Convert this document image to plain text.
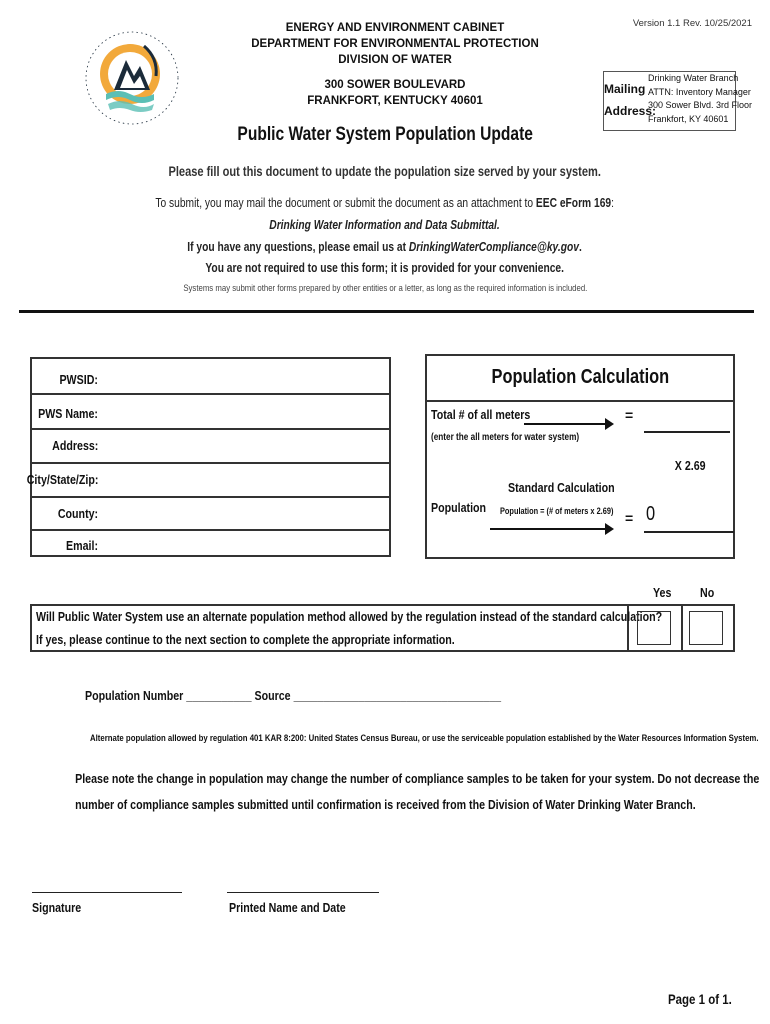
ENERGY AND ENVIRONMENT CABINET
DEPARTMENT FOR ENVIRONMENTAL PROTECTION
DIVISION OF WATER
300 SOWER BOULEVARD
FRANKFORT, KENTUCKY 40601
Version 1.1 Rev. 10/25/2021
Mailing
Address:
Drinking Water Branch
ATTN: Inventory Manager
300 Sower Blvd. 3rd Floor
Frankfort, KY 40601
Public Water System Population Update
Please fill out this document to update the population size served by your system.
To submit, you may mail the document or submit the document as an attachment to EEC eForm 169:
Drinking Water Information and Data Submittal.
If you have any questions, please email us at DrinkingWaterCompliance@ky.gov.
You are not required to use this form; it is provided for your convenience.
Systems may submit other forms prepared by other entities or a letter, as long as the required information is included.
PWSID:
PWS Name:
Address:
City/State/Zip:
County:
Email:
Population Calculation
Total # of all meters	=
(enter the all meters for water system)
X 2.69
Standard Calculation
Population	Population = (# of meters x 2.69) = 0
Yes	No
Will Public Water System use an alternate population method allowed by the regulation instead of the standard calculation?
If yes, please continue to the next section to complete the appropriate information.
Population Number ___________ Source ___________________________________
Alternate population allowed by regulation 401 KAR 8:200: United States Census Bureau, or use the serviceable population established by the Water Resources Information System.
Please note the change in population may change the number of compliance samples to be taken for your system. Do not decrease the
number of compliance samples submitted until confirmation is received from the Division of Water Drinking Water Branch.
Signature	Printed Name and Date
Page 1 of 1.
